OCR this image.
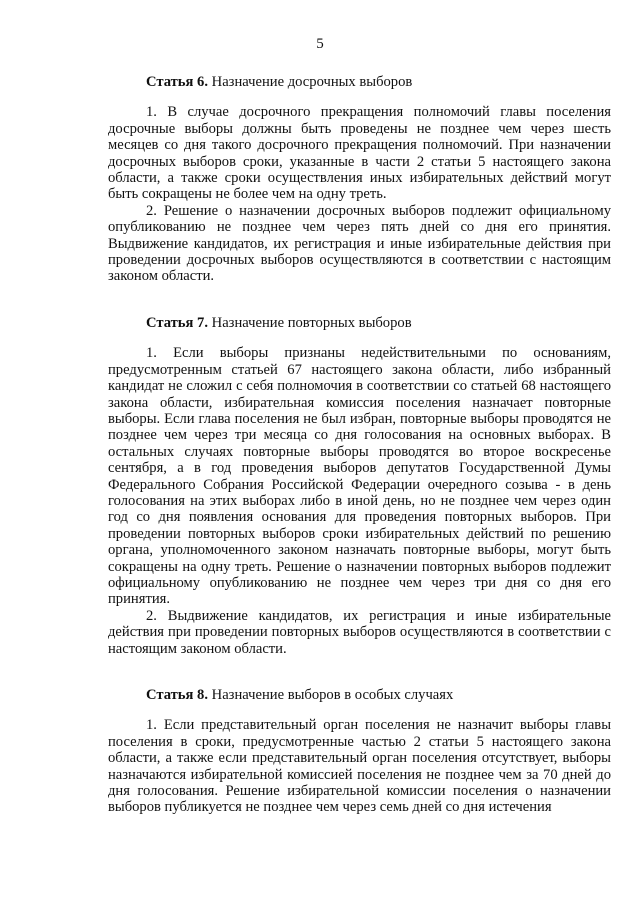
5
Статья 6. Назначение досрочных выборов

1. В случае досрочного прекращения полномочий главы поселения досрочные выборы должны быть проведены не позднее чем через шесть месяцев со дня такого досрочного прекращения полномочий. При назначении досрочных выборов сроки, указанные в части 2 статьи 5 настоящего закона области, а также сроки осуществления иных избирательных действий могут быть сокращены не более чем на одну треть.

2. Решение о назначении досрочных выборов подлежит официальному опубликованию не позднее чем через пять дней со дня его принятия. Выдвижение кандидатов, их регистрация и иные избирательные действия при проведении досрочных выборов осуществляются в соответствии с настоящим законом области.

Статья 7. Назначение повторных выборов

1. Если выборы признаны недействительными по основаниям, предусмотренным статьей 67 настоящего закона области, либо избранный кандидат не сложил с себя полномочия в соответствии со статьей 68 настоящего закона области, избирательная комиссия поселения назначает повторные выборы. Если глава поселения не был избран, повторные выборы проводятся не позднее чем через три месяца со дня голосования на основных выборах. В остальных случаях повторные выборы проводятся во второе воскресенье сентября, а в год проведения выборов депутатов Государственной Думы Федерального Собрания Российской Федерации очередного созыва - в день голосования на этих выборах либо в иной день, но не позднее чем через один год со дня появления основания для проведения повторных выборов. При проведении повторных выборов сроки избирательных действий по решению органа, уполномоченного законом назначать повторные выборы, могут быть сокращены на одну треть. Решение о назначении повторных выборов подлежит официальному опубликованию не позднее чем через три дня со дня его принятия.

2. Выдвижение кандидатов, их регистрация и иные избирательные действия при проведении повторных выборов осуществляются в соответствии с настоящим законом области.

Статья 8. Назначение выборов в особых случаях

1. Если представительный орган поселения не назначит выборы главы поселения в сроки, предусмотренные частью 2 статьи 5 настоящего закона области, а также если представительный орган поселения отсутствует, выборы назначаются избирательной комиссией поселения не позднее чем за 70 дней до дня голосования. Решение избирательной комиссии поселения о назначении выборов публикуется не позднее чем через семь дней со дня истечения
